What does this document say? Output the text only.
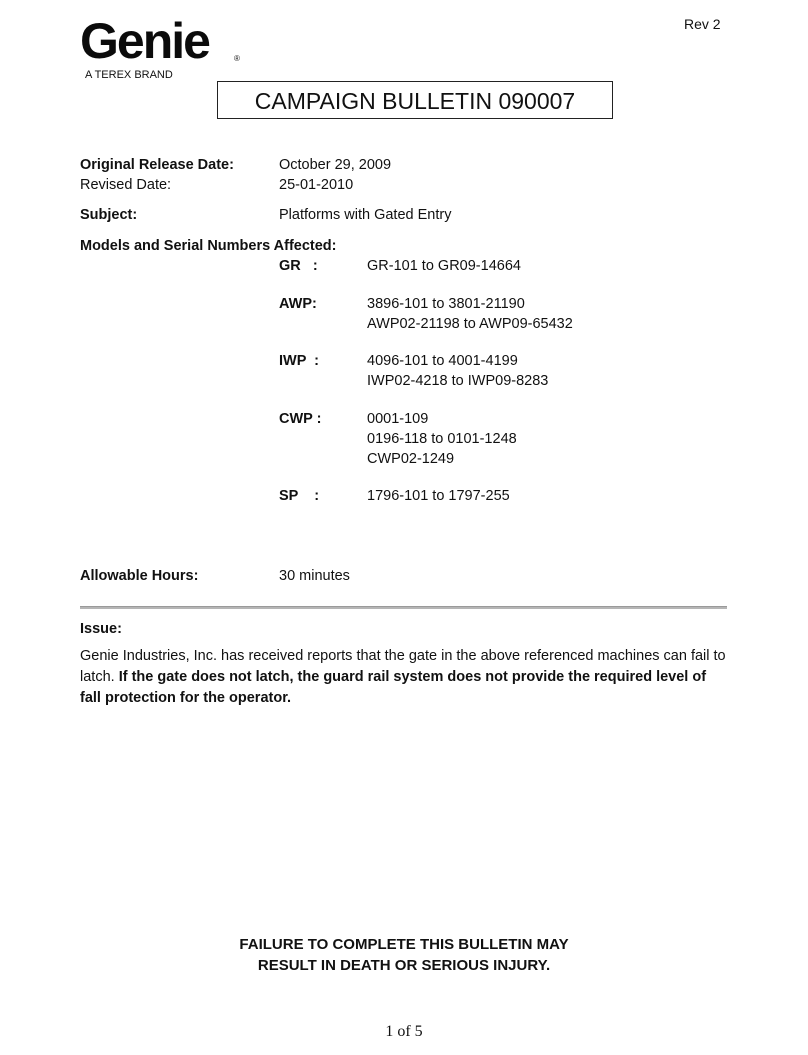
Genie	®
A TEREX BRAND
Rev 2
CAMPAIGN BULLETIN 090007
Original Release Date:	October 29, 2009
Revised Date:	25-01-2010
Subject:	Platforms with Gated Entry
Models and Serial Numbers Affected:
GR   :	GR-101 to GR09-14664
AWP:	3896-101 to 3801-21190
AWP02-21198 to AWP09-65432
IWP  :	4096-101 to 4001-4199
IWP02-4218 to IWP09-8283
CWP :	0001-109
0196-118 to 0101-1248
CWP02-1249
SP    :	1796-101 to 1797-255
Allowable Hours:	30 minutes
Issue:
Genie Industries, Inc. has received reports that the gate in the above referenced machines can fail to latch. If the gate does not latch, the guard rail system does not provide the required level of fall protection for the operator.
FAILURE TO COMPLETE THIS BULLETIN MAY
RESULT IN DEATH OR SERIOUS INJURY.
1 of 5
